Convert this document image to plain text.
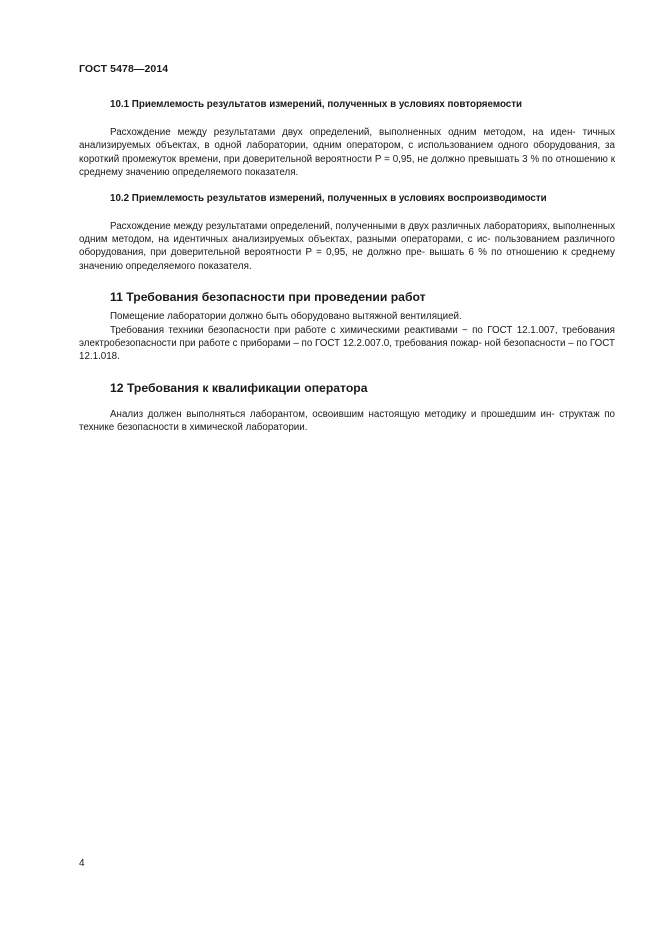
ГОСТ 5478—2014
10.1 Приемлемость результатов измерений, полученных в условиях повторяемости

Расхождение между результатами двух определений, выполненных одним методом, на иден- тичных анализируемых объектах, в одной лаборатории, одним оператором, с использованием одного оборудования, за короткий промежуток времени, при доверительной вероятности P = 0,95, не должно превышать 3 % по отношению к среднему значению определяемого показателя.

10.2 Приемлемость результатов измерений, полученных в условиях воспроизводимости

Расхождение между результатами определений, полученными в двух различных лабораториях, выполненных одним методом, на идентичных анализируемых объектах, разными операторами, с ис- пользованием различного оборудования, при доверительной вероятности P = 0,95, не должно пре- вышать 6 % по отношению к среднему значению определяемого показателя.

11 Требования безопасности при проведении работ

Помещение лаборатории должно быть оборудовано вытяжной вентиляцией.

Требования техники безопасности при работе с химическими реактивами − по ГОСТ 12.1.007, требования электробезопасности при работе с приборами – по ГОСТ 12.2.007.0, требования пожар- ной безопасности – по ГОСТ 12.1.018.

12 Требования к квалификации оператора

Анализ должен выполняться лаборантом, освоившим настоящую методику и прошедшим ин- структаж по технике безопасности в химической лаборатории.

4
